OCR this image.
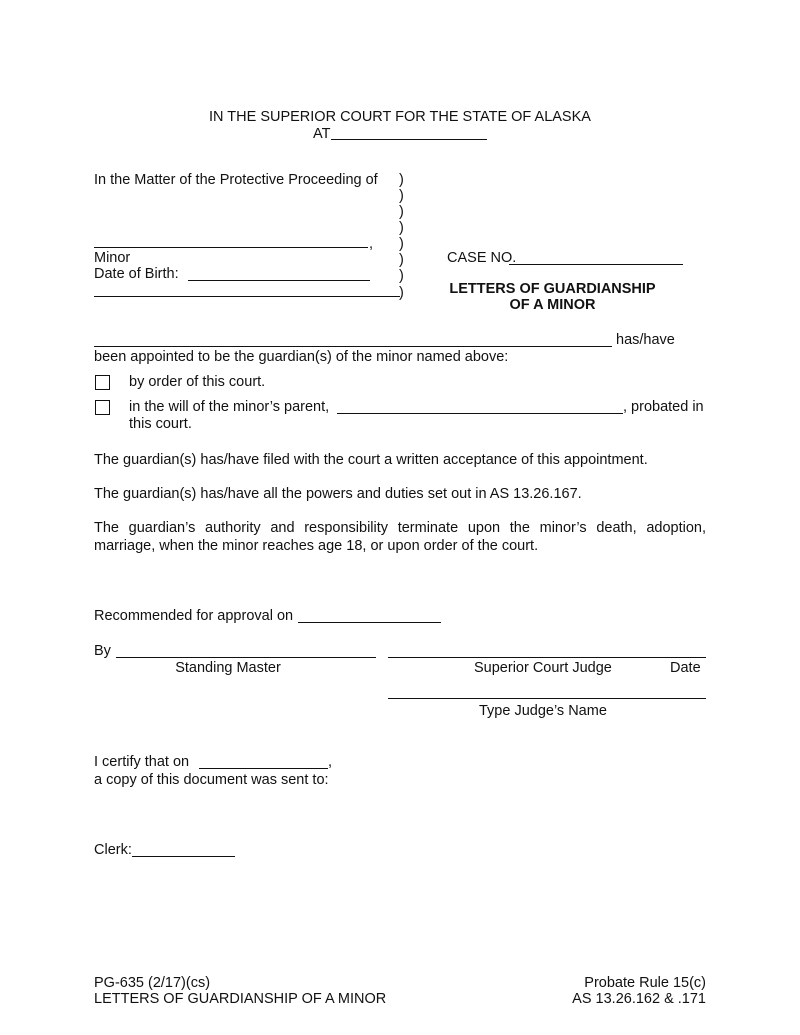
IN THE SUPERIOR COURT FOR THE STATE OF ALASKA
AT
In the Matter of the Protective Proceeding of )
)
)
)
)
)
)
)
,
Minor
Date of Birth:
CASE NO.
LETTERS OF GUARDIANSHIP
OF A MINOR
has/have
been appointed to be the guardian(s) of the minor named above:
by order of this court.
in the will of the minor’s parent,	, probated in
this court.
The guardian(s) has/have filed with the court a written acceptance of this appointment.
The guardian(s) has/have all the powers and duties set out in AS 13.26.167.
The guardian’s authority and responsibility terminate upon the minor’s death, adoption, marriage, when the minor reaches age 18, or upon order of the court.
Recommended for approval on
By
Standing Master	Superior Court Judge	Date
Type Judge’s Name
I certify that on	,
a copy of this document was sent to:
Clerk:
PG-635 (2/17)(cs)
LETTERS OF GUARDIANSHIP OF A MINOR
Probate Rule 15(c)
AS 13.26.162 & .171
